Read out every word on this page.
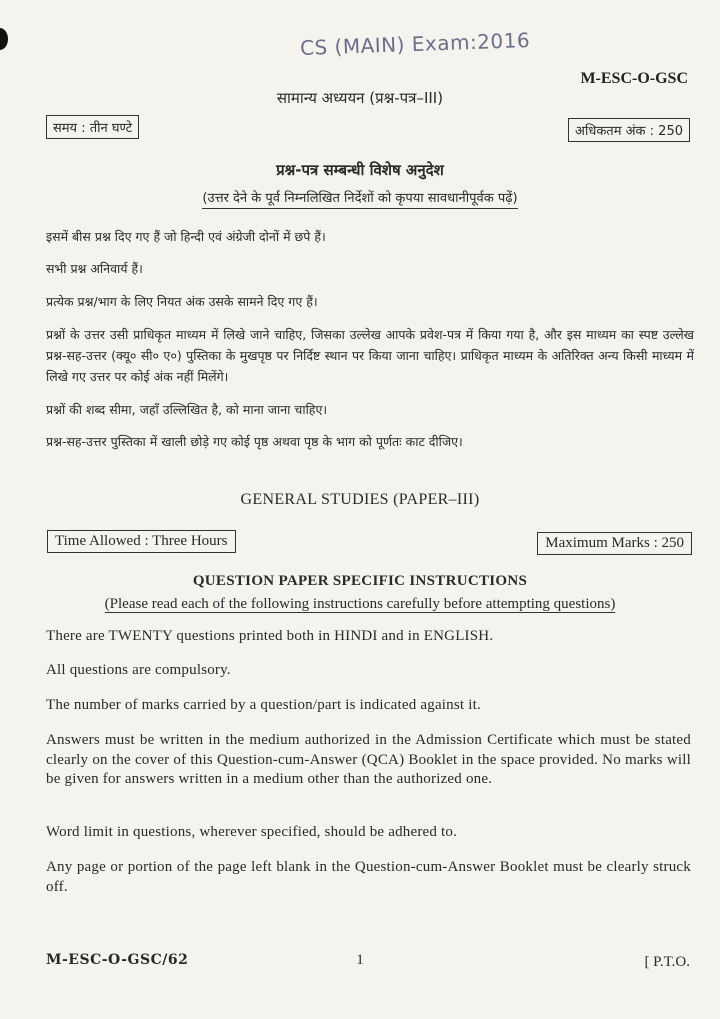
CS (MAIN) Exam:2016
M-ESC-O-GSC
सामान्य अध्ययन (प्रश्न-पत्र–III)
समय : तीन घण्टे	अधिकतम अंक : 250
प्रश्न-पत्र सम्बन्धी विशेष अनुदेश
(उत्तर देने के पूर्व निम्नलिखित निर्देशों को कृपया सावधानीपूर्वक पढ़ें)
इसमें बीस प्रश्न दिए गए हैं जो हिन्दी एवं अंग्रेजी दोनों में छपे हैं।
सभी प्रश्न अनिवार्य हैं।
प्रत्येक प्रश्न/भाग के लिए नियत अंक उसके सामने दिए गए हैं।
प्रश्नों के उत्तर उसी प्राधिकृत माध्यम में लिखे जाने चाहिए, जिसका उल्लेख आपके प्रवेश-पत्र में किया गया है, और इस माध्यम का स्पष्ट उल्लेख प्रश्न-सह-उत्तर (क्यू० सी० ए०) पुस्तिका के मुखपृष्ठ पर निर्दिष्ट स्थान पर किया जाना चाहिए। प्राधिकृत माध्यम के अतिरिक्त अन्य किसी माध्यम में लिखे गए उत्तर पर कोई अंक नहीं मिलेंगे।
प्रश्नों की शब्द सीमा, जहाँ उल्लिखित है, को माना जाना चाहिए।
प्रश्न-सह-उत्तर पुस्तिका में खाली छोड़े गए कोई पृष्ठ अथवा पृष्ठ के भाग को पूर्णतः काट दीजिए।
GENERAL STUDIES (PAPER–III)
Time Allowed : Three Hours	Maximum Marks : 250
QUESTION PAPER SPECIFIC INSTRUCTIONS
(Please read each of the following instructions carefully before attempting questions)
There are TWENTY questions printed both in HINDI and in ENGLISH.
All questions are compulsory.
The number of marks carried by a question/part is indicated against it.
Answers must be written in the medium authorized in the Admission Certificate which must be stated clearly on the cover of this Question-cum-Answer (QCA) Booklet in the space provided. No marks will be given for answers written in a medium other than the authorized one.
Word limit in questions, wherever specified, should be adhered to.
Any page or portion of the page left blank in the Question-cum-Answer Booklet must be clearly struck off.
M-ESC-O-GSC/62	1	[ P.T.O.
